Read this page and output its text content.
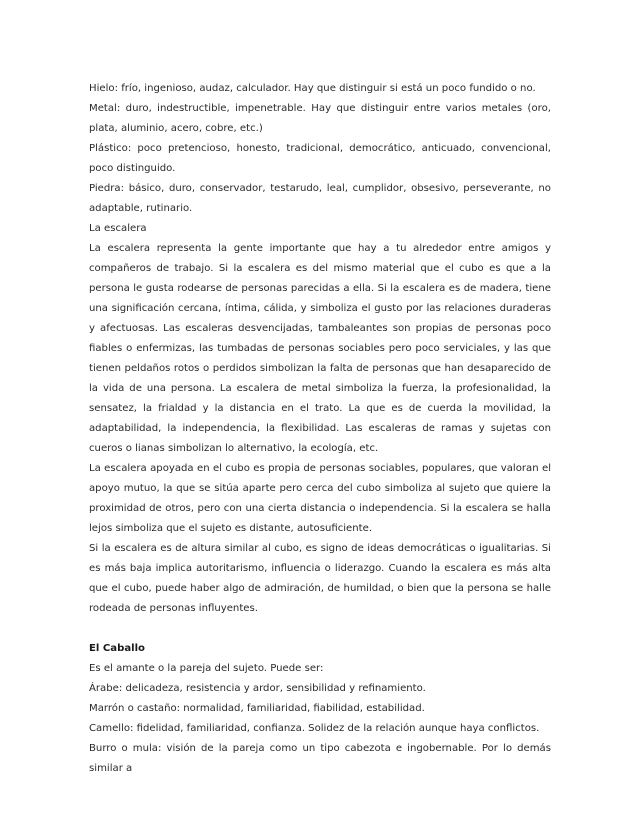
Hielo: frío, ingenioso, audaz, calculador. Hay que distinguir si está un poco fundido o no.

Metal: duro, indestructible, impenetrable. Hay que distinguir entre varios metales (oro, plata, aluminio, acero, cobre, etc.)

Plástico: poco pretencioso, honesto, tradicional, democrático, anticuado, convencional, poco distinguido.

Piedra: básico, duro, conservador, testarudo, leal, cumplidor, obsesivo, perseverante, no adaptable, rutinario.

La escalera

La escalera representa la gente importante que hay a tu alrededor entre amigos y compañeros de trabajo. Si la escalera es del mismo material que el cubo es que a la persona le gusta rodearse de personas parecidas a ella. Si la escalera es de madera, tiene una significación cercana, íntima, cálida, y simboliza el gusto por las relaciones duraderas y afectuosas. Las escaleras desvencijadas, tambaleantes son propias de personas poco fiables o enfermizas, las tumbadas de personas sociables pero poco serviciales, y las que tienen peldaños rotos o perdidos simbolizan la falta de personas que han desaparecido de la vida de una persona. La escalera de metal simboliza la fuerza, la profesionalidad, la sensatez, la frialdad y la distancia en el trato. La que es de cuerda la movilidad, la adaptabilidad, la independencia, la flexibilidad. Las escaleras de ramas y sujetas con cueros o lianas simbolizan lo alternativo, la ecología, etc.

La escalera apoyada en el cubo es propia de personas sociables, populares, que valoran el apoyo mutuo, la que se sitúa aparte pero cerca del cubo simboliza al sujeto que quiere la proximidad de otros, pero con una cierta distancia o independencia. Si la escalera se halla lejos simboliza que el sujeto es distante, autosuficiente.

Si la escalera es de altura similar al cubo, es signo de ideas democráticas o igualitarias. Si es más baja implica autoritarismo, influencia o liderazgo. Cuando la escalera es más alta que el cubo, puede haber algo de admiración, de humildad, o bien que la persona se halle rodeada de personas influyentes.

El Caballo

Es el amante o la pareja del sujeto. Puede ser:

Árabe: delicadeza, resistencia y ardor, sensibilidad y refinamiento.

Marrón o castaño: normalidad, familiaridad, fiabilidad, estabilidad.

Camello: fidelidad, familiaridad, confianza. Solidez de la relación aunque haya conflictos.

Burro o mula: visión de la pareja como un tipo cabezota e ingobernable. Por lo demás similar a
